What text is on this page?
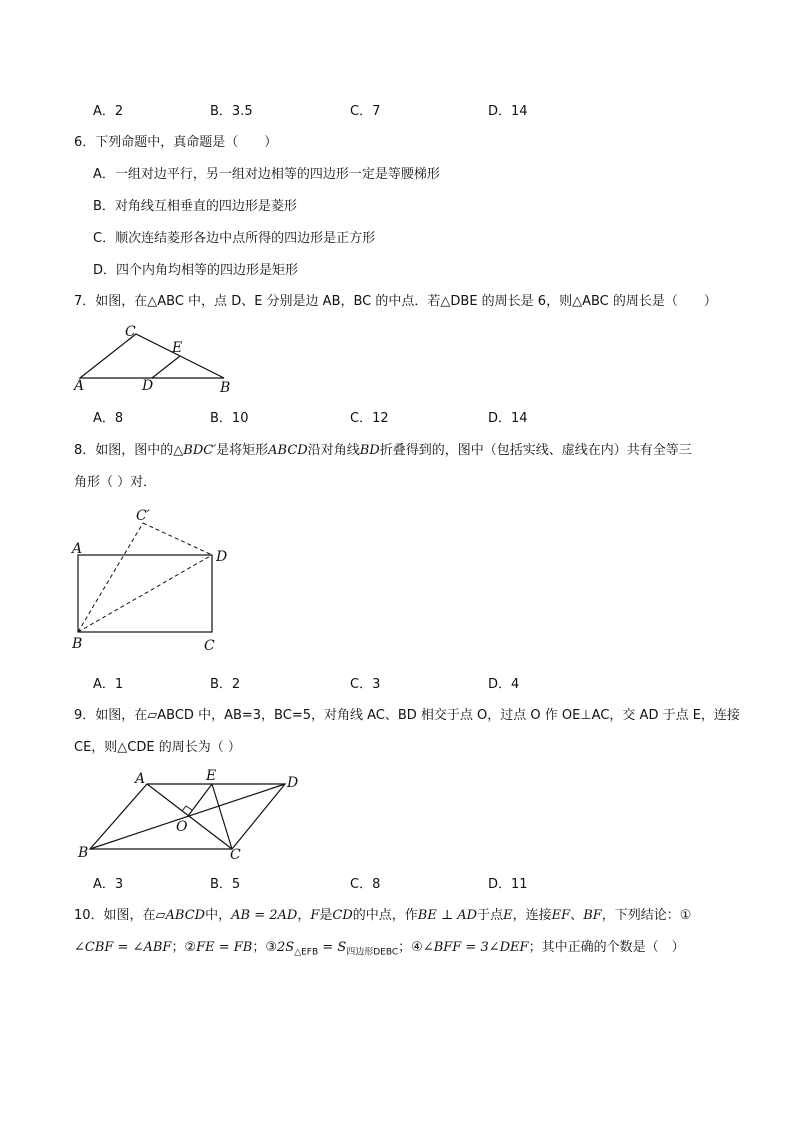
A．2	B．3.5	C．7	D．14
6．下列命题中，真命题是（　　）
A．一组对边平行，另一组对边相等的四边形一定是等腰梯形
B．对角线互相垂直的四边形是菱形
C．顺次连结菱形各边中点所得的四边形是正方形
D．四个内角均相等的四边形是矩形
7．如图，在△ABC 中，点 D、E 分别是边 AB，BC 的中点．若△DBE 的周长是 6，则△ABC 的周长是（　　）
A
C
E
D	B
A．8	B．10	C．12	D．14
8．如图，图中的△BDC′是将矩形ABCD沿对角线BD折叠得到的，图中（包括实线、虚线在内）共有全等三
角形（ ）对．
A
C′
D
B	C
A．1	B．2	C．3	D．4
9．如图，在▱ABCD 中，AB=3，BC=5，对角线 AC、BD 相交于点 O，过点 O 作 OE⊥AC，交 AD 于点 E，连接
CE，则△CDE 的周长为（ ）
A	E	D
O
B	C
A．3	B．5	C．8	D．11
10．如图，在▱ABCD中，AB = 2AD，F是CD的中点，作BE ⊥ AD于点E，连接EF、BF，下列结论：①
∠CBF = ∠ABF；②FE = FB；$③2S_{\triangle EFB} = S_{四边形DEBC}$；④∠BFF = 3∠DEF；其中正确的个数是（　）
